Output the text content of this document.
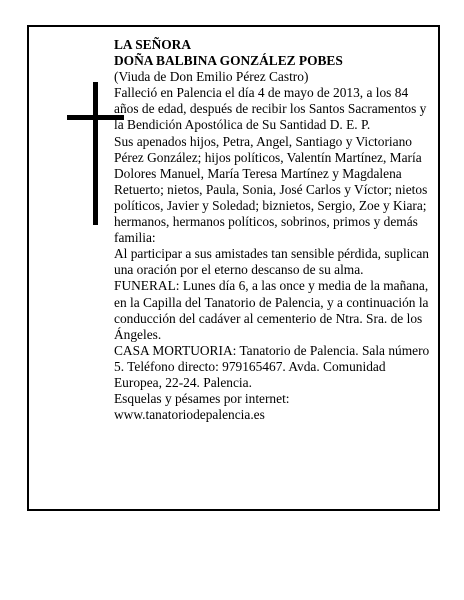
LA SEÑORA

DOÑA BALBINA GONZÁLEZ POBES

(Viuda de Don Emilio Pérez Castro)

Falleció en Palencia el día 4 de mayo de 2013, a los 84 años de edad, después de recibir los Santos Sacramentos y la Bendición Apostólica de Su Santidad D. E. P.

Sus apenados hijos, Petra, Angel, Santiago y Victoriano Pérez González; hijos políticos, Valentín Martínez, María Dolores Manuel, María Teresa Martínez y Magdalena Retuerto; nietos, Paula, Sonia, José Carlos y Víctor; nietos políticos, Javier y Soledad; biznietos, Sergio, Zoe y Kiara; hermanos, hermanos políticos, sobrinos, primos y demás familia:

Al participar a sus amistades tan sensible pérdida, suplican una oración por el eterno descanso de su alma.

FUNERAL: Lunes día 6, a las once y media de la mañana, en la Capilla del Tanatorio de Palencia, y a continuación la conducción del cadáver al cementerio de Ntra. Sra. de los Ángeles.

CASA MORTUORIA: Tanatorio de Palencia. Sala número 5. Teléfono directo: 979165467. Avda. Comunidad Europea, 22-24. Palencia.

Esquelas y pésames por internet:

www.tanatoriodepalencia.es
